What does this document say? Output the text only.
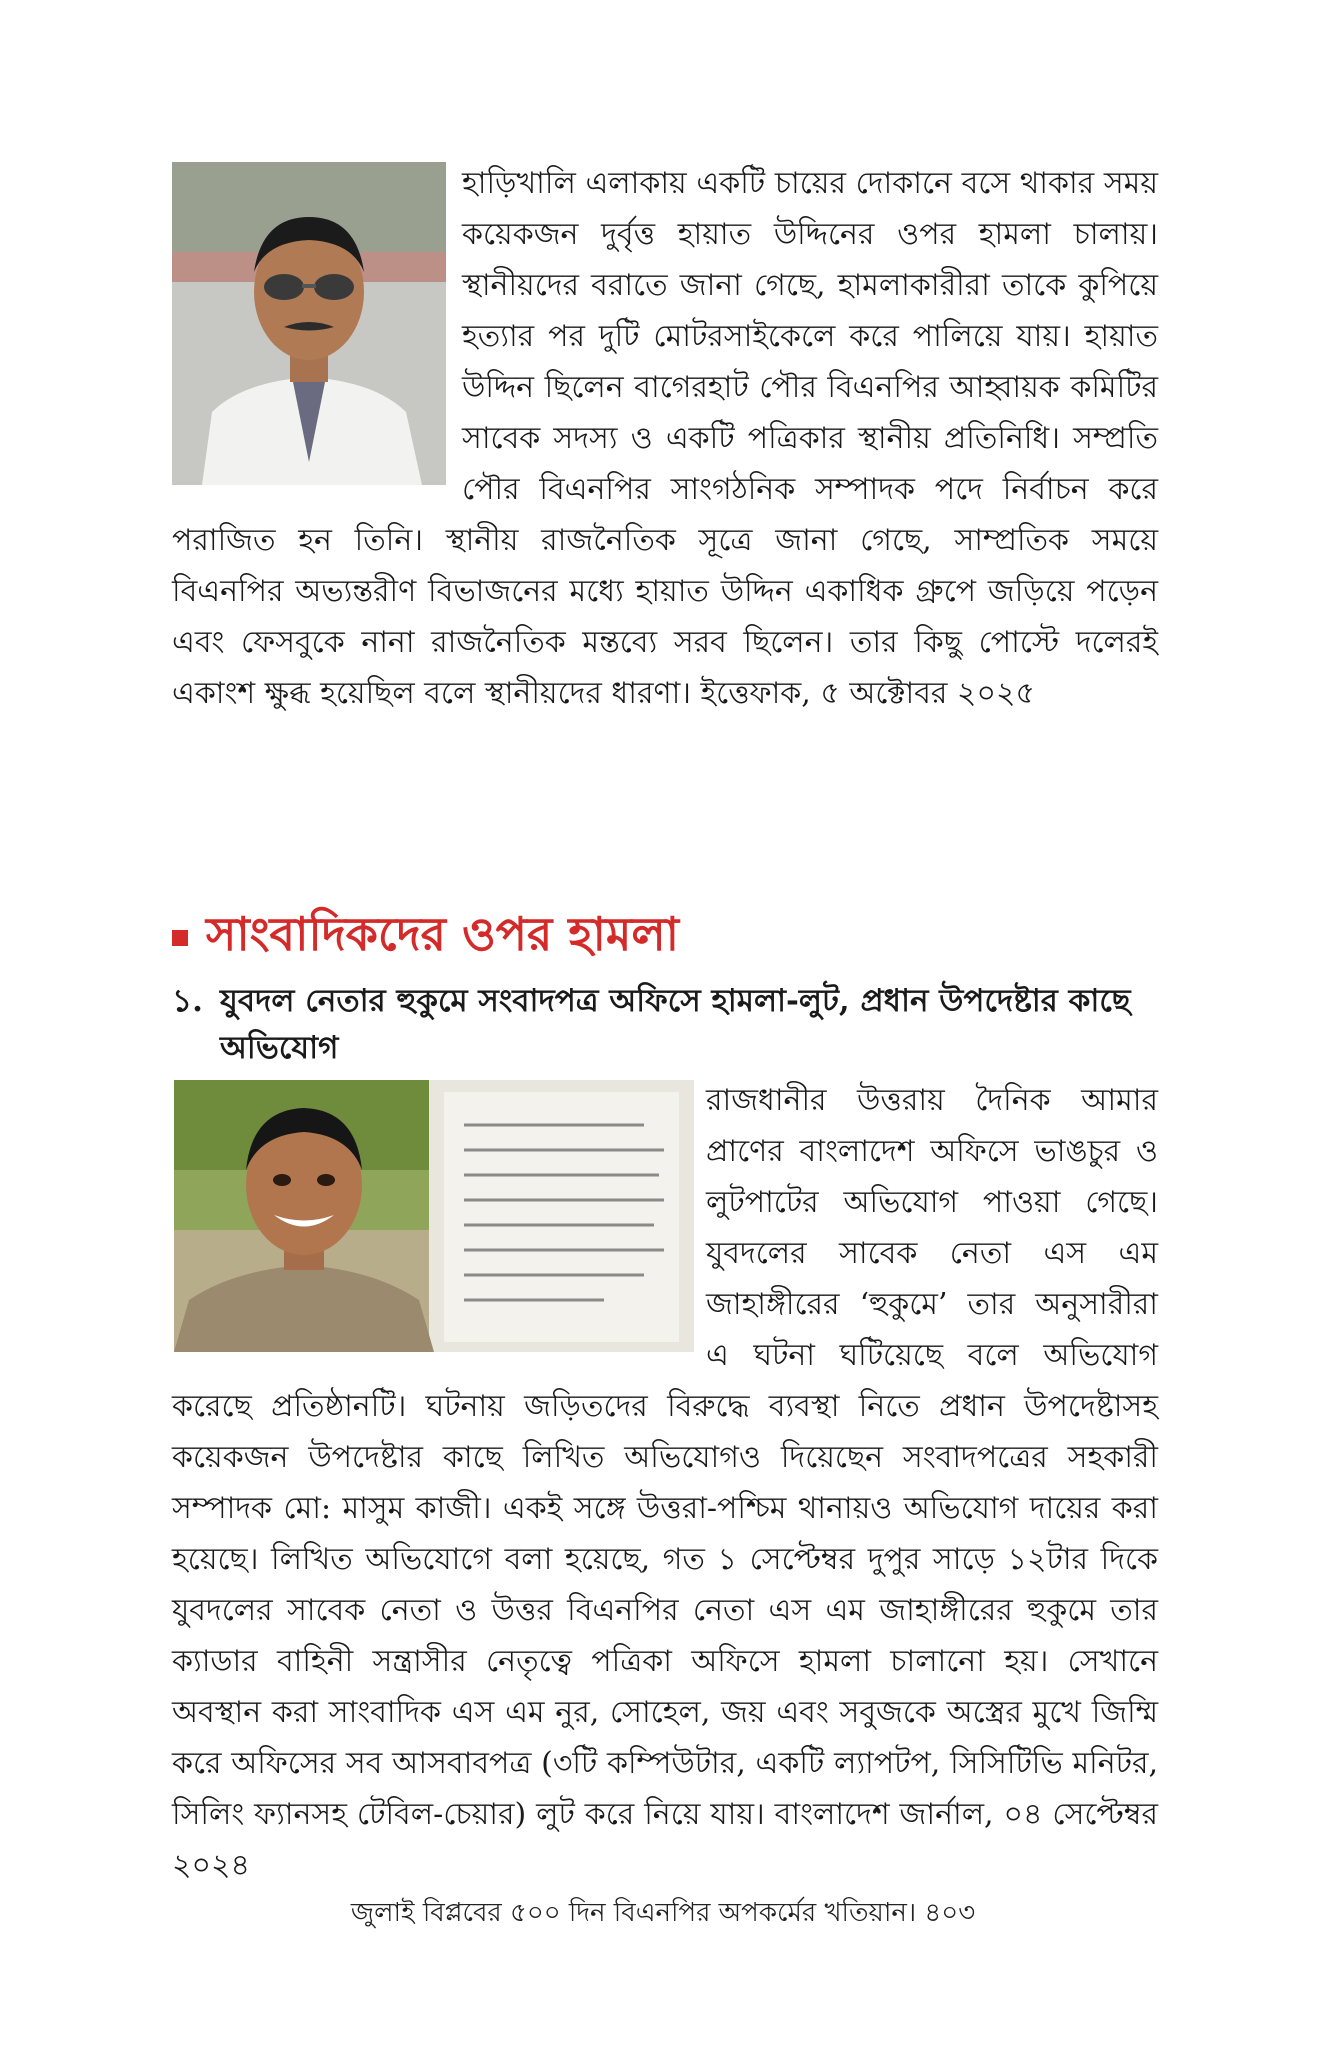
হাড়িখালি এলাকায় একটি চায়ের দোকানে বসে থাকার সময় কয়েকজন দুর্বৃত্ত হায়াত উদ্দিনের ওপর হামলা চালায়। স্থানীয়দের বরাতে জানা গেছে, হামলাকারীরা তাকে কুপিয়ে হত্যার পর দুটি মোটরসাইকেলে করে পালিয়ে যায়। হায়াত উদ্দিন ছিলেন বাগেরহাট পৌর বিএনপির আহ্বায়ক কমিটির সাবেক সদস্য ও একটি পত্রিকার স্থানীয় প্রতিনিধি। সম্প্রতি পৌর বিএনপির সাংগঠনিক সম্পাদক পদে নির্বাচন করে পরাজিত হন তিনি। স্থানীয় রাজনৈতিক সূত্রে জানা গেছে, সাম্প্রতিক সময়ে বিএনপির অভ্যন্তরীণ বিভাজনের মধ্যে হায়াত উদ্দিন একাধিক গ্রুপে জড়িয়ে পড়েন এবং ফেসবুকে নানা রাজনৈতিক মন্তব্যে সরব ছিলেন। তার কিছু পোস্টে দলেরই একাংশ ক্ষুব্ধ হয়েছিল বলে স্থানীয়দের ধারণা। ইত্তেফাক, ৫ অক্টোবর ২০২৫
সাংবাদিকদের ওপর হামলা
১. যুবদল নেতার হুকুমে সংবাদপত্র অফিসে হামলা-লুট, প্রধান উপদেষ্টার কাছে অভিযোগ
রাজধানীর উত্তরায় দৈনিক আমার প্রাণের বাংলাদেশ অফিসে ভাঙচুর ও লুটপাটের অভিযোগ পাওয়া গেছে। যুবদলের সাবেক নেতা এস এম জাহাঙ্গীরের ‘হুকুমে’ তার অনুসারীরা এ ঘটনা ঘটিয়েছে বলে অভিযোগ করেছে প্রতিষ্ঠানটি। ঘটনায় জড়িতদের বিরুদ্ধে ব্যবস্থা নিতে প্রধান উপদেষ্টাসহ কয়েকজন উপদেষ্টার কাছে লিখিত অভিযোগও দিয়েছেন সংবাদপত্রের সহকারী সম্পাদক মো: মাসুম কাজী। একই সঙ্গে উত্তরা-পশ্চিম থানায়ও অভিযোগ দায়ের করা হয়েছে। লিখিত অভিযোগে বলা হয়েছে, গত ১ সেপ্টেম্বর দুপুর সাড়ে ১২টার দিকে যুবদলের সাবেক নেতা ও উত্তর বিএনপির নেতা এস এম জাহাঙ্গীরের হুকুমে তার ক্যাডার বাহিনী সন্ত্রাসীর নেতৃত্বে পত্রিকা অফিসে হামলা চালানো হয়। সেখানে অবস্থান করা সাংবাদিক এস এম নুর, সোহেল, জয় এবং সবুজকে অস্ত্রের মুখে জিম্মি করে অফিসের সব আসবাবপত্র (৩টি কম্পিউটার, একটি ল্যাপটপ, সিসিটিভি মনিটর, সিলিং ফ্যানসহ টেবিল-চেয়ার) লুট করে নিয়ে যায়। বাংলাদেশ জার্নাল, ০৪ সেপ্টেম্বর ২০২৪
জুলাই বিপ্লবের ৫০০ দিন বিএনপির অপকর্মের খতিয়ান। ৪০৩
